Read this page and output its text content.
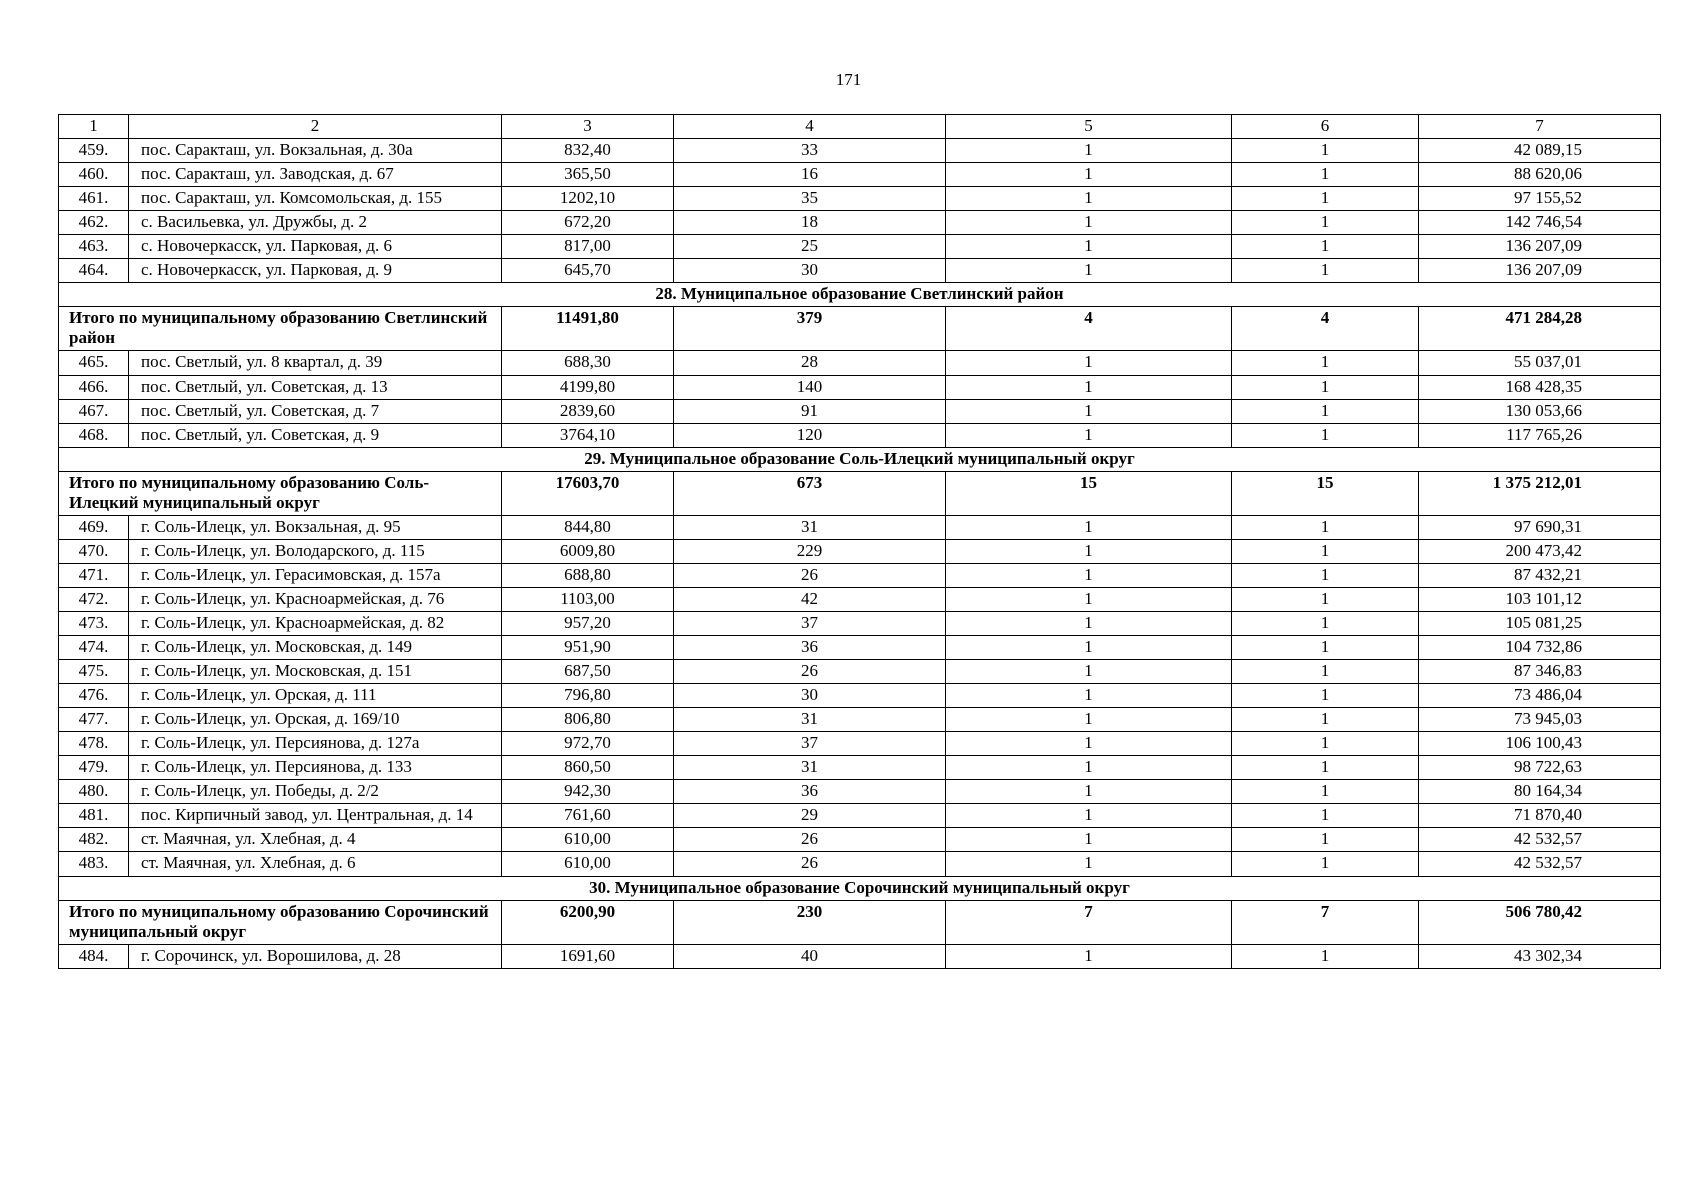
171
1	2	3	4	5	6	7
459.	пос. Саракташ, ул. Вокзальная, д. 30а	832,40	33	1	1	42 089,15
460.	пос. Саракташ, ул. Заводская, д. 67	365,50	16	1	1	88 620,06
461.	пос. Саракташ, ул. Комсомольская, д. 155	1202,10	35	1	1	97 155,52
462.	с. Васильевка, ул. Дружбы, д. 2	672,20	18	1	1	142 746,54
463.	с. Новочеркасск, ул. Парковая, д. 6	817,00	25	1	1	136 207,09
464.	с. Новочеркасск, ул. Парковая, д. 9	645,70	30	1	1	136 207,09
28. Муниципальное образование Светлинский район						
Итого по муниципальному образованию Светлинский район		11491,80	379	4	4	471 284,28
465.	пос. Светлый, ул. 8 квартал, д. 39	688,30	28	1	1	55 037,01
466.	пос. Светлый, ул. Советская, д. 13	4199,80	140	1	1	168 428,35
467.	пос. Светлый, ул. Советская, д. 7	2839,60	91	1	1	130 053,66
468.	пос. Светлый, ул. Советская, д. 9	3764,10	120	1	1	117 765,26
29. Муниципальное образование Соль-Илецкий муниципальный округ						
Итого по муниципальному образованию Соль-Илецкий муниципальный округ		17603,70	673	15	15	1 375 212,01
469.	г. Соль-Илецк, ул. Вокзальная, д. 95	844,80	31	1	1	97 690,31
470.	г. Соль-Илецк, ул. Володарского, д. 115	6009,80	229	1	1	200 473,42
471.	г. Соль-Илецк, ул. Герасимовская, д. 157а	688,80	26	1	1	87 432,21
472.	г. Соль-Илецк, ул. Красноармейская, д. 76	1103,00	42	1	1	103 101,12
473.	г. Соль-Илецк, ул. Красноармейская, д. 82	957,20	37	1	1	105 081,25
474.	г. Соль-Илецк, ул. Московская, д. 149	951,90	36	1	1	104 732,86
475.	г. Соль-Илецк, ул. Московская, д. 151	687,50	26	1	1	87 346,83
476.	г. Соль-Илецк, ул. Орская, д. 111	796,80	30	1	1	73 486,04
477.	г. Соль-Илецк, ул. Орская, д. 169/10	806,80	31	1	1	73 945,03
478.	г. Соль-Илецк, ул. Персиянова, д. 127а	972,70	37	1	1	106 100,43
479.	г. Соль-Илецк, ул. Персиянова, д. 133	860,50	31	1	1	98 722,63
480.	г. Соль-Илецк, ул. Победы, д. 2/2	942,30	36	1	1	80 164,34
481.	пос. Кирпичный завод, ул. Центральная, д. 14	761,60	29	1	1	71 870,40
482.	ст. Маячная, ул. Хлебная, д. 4	610,00	26	1	1	42 532,57
483.	ст. Маячная, ул. Хлебная, д. 6	610,00	26	1	1	42 532,57
30. Муниципальное образование Сорочинский муниципальный округ						
Итого по муниципальному образованию Сорочинский муниципальный округ		6200,90	230	7	7	506 780,42
484.	г. Сорочинск, ул. Ворошилова, д. 28	1691,60	40	1	1	43 302,34
